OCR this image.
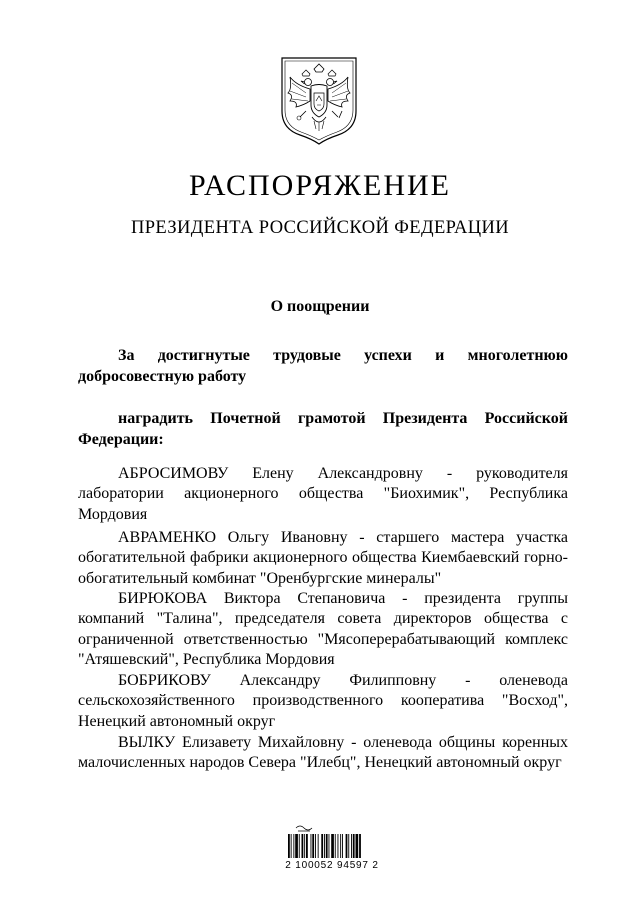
РАСПОРЯЖЕНИЕ
ПРЕЗИДЕНТА РОССИЙСКОЙ ФЕДЕРАЦИИ
О поощрении
За достигнутые трудовые успехи и многолетнюю добросовестную работу
наградить Почетной грамотой Президента Российской Федерации:
АБРОСИМОВУ Елену Александровну - руководителя лаборатории акционерного общества "Биохимик", Республика Мордовия
АВРАМЕНКО Ольгу Ивановну - старшего мастера участка обогатительной фабрики акционерного общества Киембаевский горно-обогатительный комбинат "Оренбургские минералы"
БИРЮКОВА Виктора Степановича - президента группы компаний "Талина", председателя совета директоров общества с ограниченной ответственностью "Мясоперерабатывающий комплекс "Атяшевский", Республика Мордовия
БОБРИКОВУ Александру Филипповну - оленевода сельскохозяйственного производственного кооператива "Восход", Ненецкий автономный округ
ВЫЛКУ Елизавету Михайловну - оленевода общины коренных малочисленных народов Севера "Илебц", Ненецкий автономный округ
2 100052 94597 2
